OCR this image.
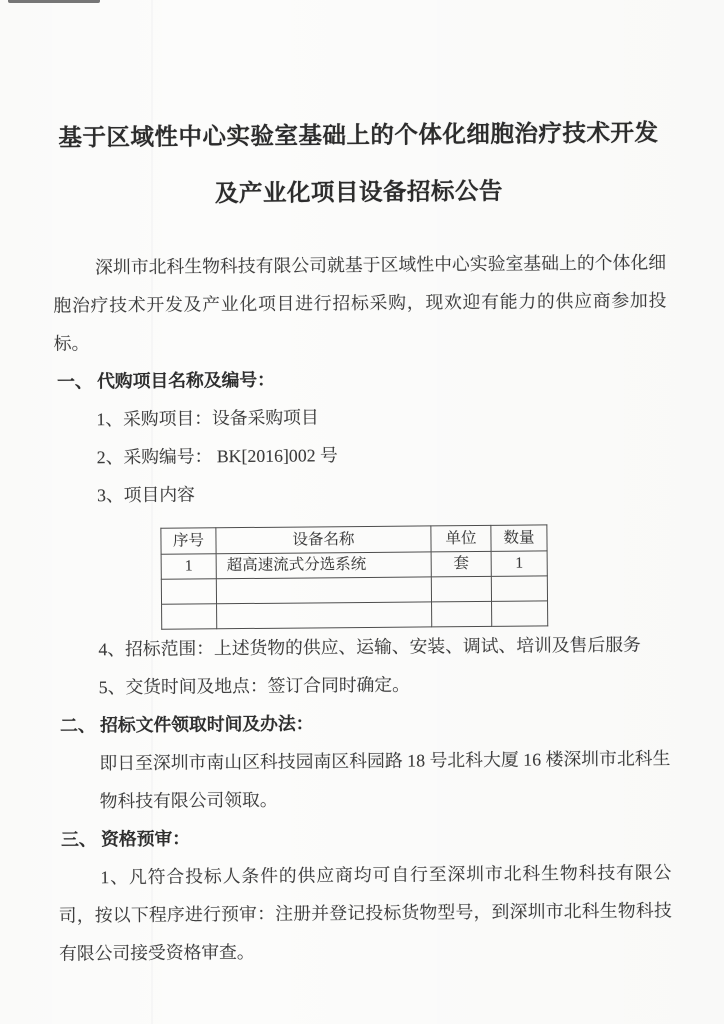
基于区域性中心实验室基础上的个体化细胞治疗技术开发
及产业化项目设备招标公告

深圳市北科生物科技有限公司就基于区域性中心实验室基础上的个体化细胞治疗技术开发及产业化项目进行招标采购，现欢迎有能力的供应商参加投标。

一、 代购项目名称及编号：
1、采购项目：设备采购项目
2、采购编号： BK[2016]002 号
3、项目内容
序号	设备名称	单位	数量
1	超高速流式分选系统	套	1

4、招标范围：上述货物的供应、运输、安装、调试、培训及售后服务
5、交货时间及地点：签订合同时确定。
二、 招标文件领取时间及办法：

即日至深圳市南山区科技园南区科园路 18 号北科大厦 16 楼深圳市北科生物科技有限公司领取。

三、 资格预审：

1、凡符合投标人条件的供应商均可自行至深圳市北科生物科技有限公司，按以下程序进行预审：注册并登记投标货物型号，到深圳市北科生物科技有限公司接受资格审查。
